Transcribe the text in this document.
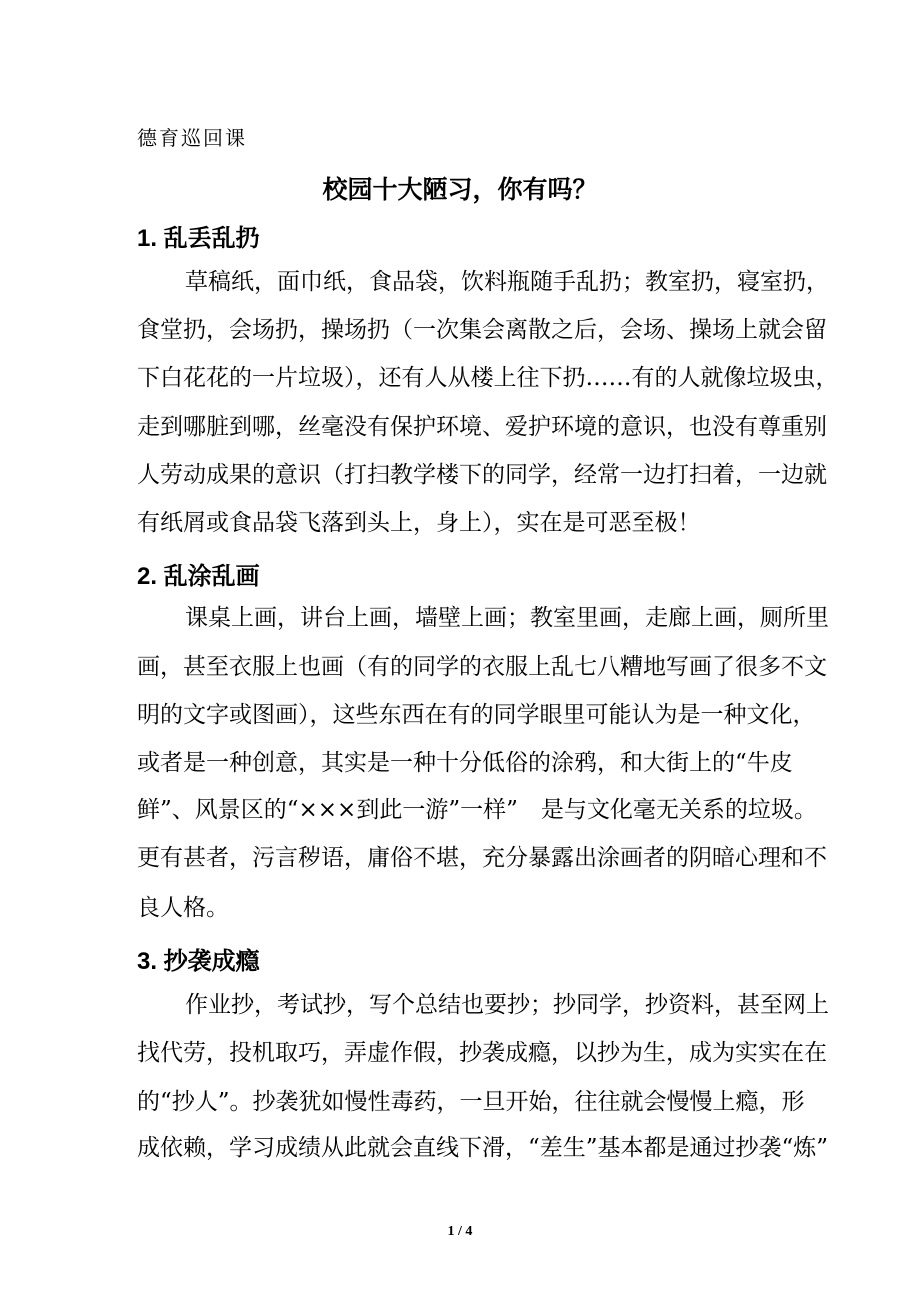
德育巡回课
校园十大陋习，你有吗？
1. 乱丢乱扔
草稿纸，面巾纸，食品袋，饮料瓶随手乱扔；教室扔，寝室扔，
食堂扔，会场扔，操场扔（一次集会离散之后，会场、操场上就会留
下白花花的一片垃圾），还有人从楼上往下扔……有的人就像垃圾虫，
走到哪脏到哪，丝毫没有保护环境、爱护环境的意识，也没有尊重别
人劳动成果的意识（打扫教学楼下的同学，经常一边打扫着，一边就
有纸屑或食品袋飞落到头上，身上），实在是可恶至极！
2. 乱涂乱画
课桌上画，讲台上画，墙壁上画；教室里画，走廊上画，厕所里
画，甚至衣服上也画（有的同学的衣服上乱七八糟地写画了很多不文
明的文字或图画），这些东西在有的同学眼里可能认为是一种文化，
或者是一种创意，其实是一种十分低俗的涂鸦，和大街上的“牛皮
鲜”、风景区的“×××到此一游”一样”　是与文化毫无关系的垃圾。
更有甚者，污言秽语，庸俗不堪，充分暴露出涂画者的阴暗心理和不
良人格。
3. 抄袭成瘾
作业抄，考试抄，写个总结也要抄；抄同学，抄资料，甚至网上
找代劳，投机取巧，弄虚作假，抄袭成瘾，以抄为生，成为实实在在
的“抄人”。抄袭犹如慢性毒药，一旦开始，往往就会慢慢上瘾，形
成依赖，学习成绩从此就会直线下滑，“差生”基本都是通过抄袭“炼”
1 / 4
